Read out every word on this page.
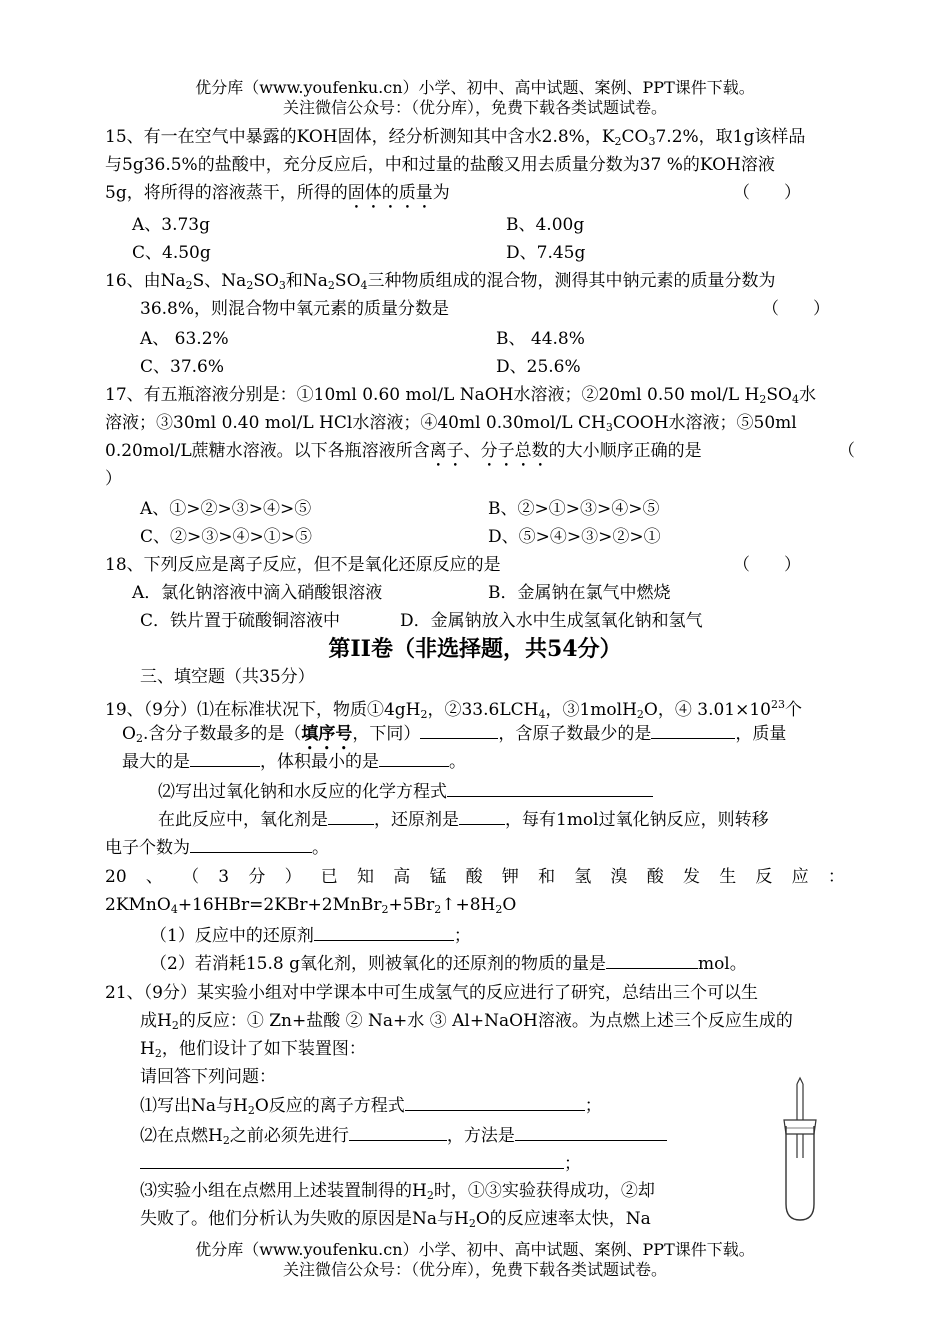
优分库（www.youfenku.cn）小学、初中、高中试题、案例、PPT课件下载。
关注微信公众号：（优分库），免费下载各类试题试卷。
15、有一在空气中暴露的KOH固体，经分析测知其中含水2.8%，$K_2CO_37.2\%$，取1g该样品
与5g36.5%的盐酸中，充分反应后，中和过量的盐酸又用去质量分数为37 %的KOH溶液
5g，将所得的溶液蒸干，所得的固体的质量为	（　　）
A、3.73g	B、4.00g
C、4.50g	D、7.45g
16、由$Na_2S$、$Na_2SO_3$和$Na_2SO_4$三种物质组成的混合物，测得其中钠元素的质量分数为
36.8%，则混合物中氧元素的质量分数是	（　　）
A、 63.2%	B、 44.8%
C、37.6%	D、25.6%
17、有五瓶溶液分别是：①10ml 0.60 mol/L NaOH水溶液；②20ml 0.50 mol/L $H_2SO_4$水
溶液；③30ml 0.40 mol/L HCl水溶液；④40ml 0.30mol/L $CH_3COOH$水溶液；⑤50ml
0.20mol/L蔗糖水溶液。以下各瓶溶液所含离子、分子总数的大小顺序正确的是	（
）
A、①>②>③>④>⑤	B、②>①>③>④>⑤
C、②>③>④>①>⑤	D、⑤>④>③>②>①
18、下列反应是离子反应，但不是氧化还原反应的是	（　　）
A．氯化钠溶液中滴入硝酸银溶液	B．金属钠在氯气中燃烧
C．铁片置于硫酸铜溶液中	D．金属钠放入水中生成氢氧化钠和氢气
第II卷（非选择题，共54分）
三、填空题（共35分）
19、（9分）⑴在标准状况下，物质$①4gH_2$，$②33.6LCH_4$，③1molH$_2$O，④ $3.01\times 10^{23}$个
$O_2$.含分子数最多的是（填序号，下同）	，含原子数最少的是	，质量
最大的是	，体积最小的是	。
⑵写出过氧化钠和水反应的化学方程式
在此反应中，氧化剂是	，还原剂是	，每有1mol过氧化钠反应，则转移
电子个数为	。
20 、 （ 3 分 ） 已 知 高 锰 酸 钾 和 氢 溴 酸 发 生 反 应 ：
$2KMnO_4+16HBr=2KBr+2MnBr_2+5Br_2↑+8H_2O$
（1）反应中的还原剂	；
（2）若消耗15.8 g氧化剂，则被氧化的还原剂的物质的量是	mol。
21、（9分）某实验小组对中学课本中可生成氢气的反应进行了研究，总结出三个可以生
成$H_2$的反应：① Zn+盐酸 ② Na+水 ③ Al+NaOH溶液。为点燃上述三个反应生成的
$H_2$，他们设计了如下装置图：
请回答下列问题：
⑴写出Na与$H_2O$反应的离子方程式	；
⑵在点燃$H_2$之前必须先进行	，方法是
；
⑶实验小组在点燃用上述装置制得的$H_2$时，①③实验获得成功，②却
失败了。他们分析认为失败的原因是Na与$H_2O$的反应速率太快，Na
优分库（www.youfenku.cn）小学、初中、高中试题、案例、PPT课件下载。
关注微信公众号：（优分库），免费下载各类试题试卷。
